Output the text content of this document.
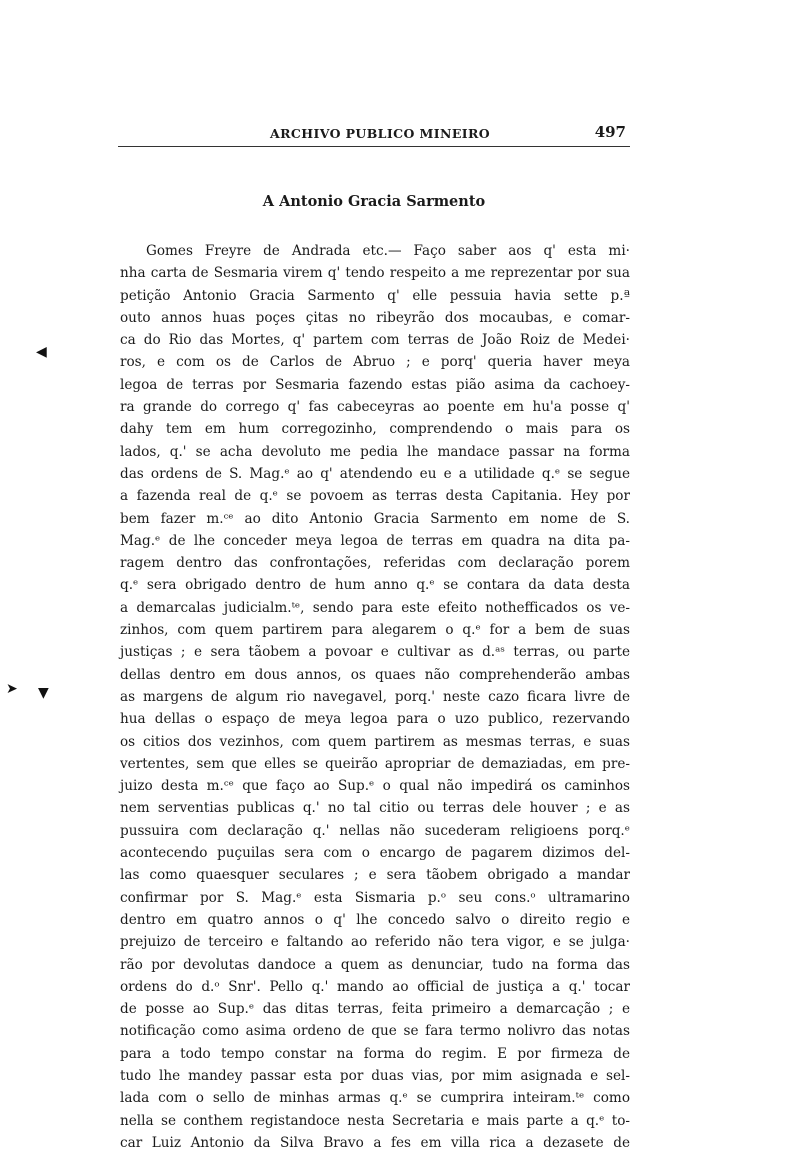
ARCHIVO PUBLICO MINEIRO	497
A Antonio Gracia Sarmento
◀
➤ ▼
Gomes Freyre de Andrada etc.— Faço saber aos q' esta mi·
nha carta de Sesmaria virem q' tendo respeito a me reprezentar por sua
petição Antonio Gracia Sarmento q' elle pessuia havia sette p.ª
outo annos huas poçes çitas no ribeyrão dos mocaubas, e comar-
ca do Rio das Mortes, q' partem com terras de João Roiz de Medei·
ros, e com os de Carlos de Abruo ; e porq' queria haver meya
legoa de terras por Sesmaria fazendo estas pião asima da cachoey-
ra grande do corrego q' fas cabeceyras ao poente em hu'a posse q'
dahy tem em hum corregozinho, comprendendo o mais para os
lados, q.' se acha devoluto me pedia lhe mandace passar na forma
das ordens de S. Mag.ᵉ ao q' atendendo eu e a utilidade q.ᵉ se segue
a fazenda real de q.ᵉ se povoem as terras desta Capitania. Hey por
bem fazer m.ᶜᵉ ao dito Antonio Gracia Sarmento em nome de S.
Mag.ᵉ de lhe conceder meya legoa de terras em quadra na dita pa-
ragem dentro das confrontações, referidas com declaração porem
q.ᵉ sera obrigado dentro de hum anno q.ᵉ se contara da data desta
a demarcalas judicialm.ᵗᵉ, sendo para este efeito nothefficados os ve-
zinhos, com quem partirem para alegarem o q.ᵉ for a bem de suas
justiças ; e sera tãobem a povoar e cultivar as d.ᵃˢ terras, ou parte
dellas dentro em dous annos, os quaes não comprehenderão ambas
as margens de algum rio navegavel, porq.' neste cazo ficara livre de
hua dellas o espaço de meya legoa para o uzo publico, rezervando
os citios dos vezinhos, com quem partirem as mesmas terras, e suas
vertentes, sem que elles se queirão apropriar de demaziadas, em pre-
juizo desta m.ᶜᵉ que faço ao Sup.ᵉ o qual não impedirá os caminhos
nem serventias publicas q.' no tal citio ou terras dele houver ; e as
pussuira com declaração q.' nellas não sucederam religioens porq.ᵉ
acontecendo puçuilas sera com o encargo de pagarem dizimos del-
las como quaesquer seculares ; e sera tãobem obrigado a mandar
confirmar por S. Mag.ᵉ esta Sismaria p.ᵒ seu cons.ᵒ ultramarino
dentro em quatro annos o q' lhe concedo salvo o direito regio e
prejuizo de terceiro e faltando ao referido não tera vigor, e se julga·
rão por devolutas dandoce a quem as denunciar, tudo na forma das
ordens do d.ᵒ Snr'. Pello q.' mando ao official de justiça a q.' tocar
de posse ao Sup.ᵉ das ditas terras, feita primeiro a demarcação ; e
notificação como asima ordeno de que se fara termo nolivro das notas
para a todo tempo constar na forma do regim. E por firmeza de
tudo lhe mandey passar esta por duas vias, por mim asignada e sel-
lada com o sello de minhas armas q.ᵉ se cumprira inteiram.ᵗᵉ como
nella se conthem registandoce nesta Secretaria e mais parte a q.ᵉ to-
car Luiz Antonio da Silva Bravo a fes em villa rica a dezasete de
